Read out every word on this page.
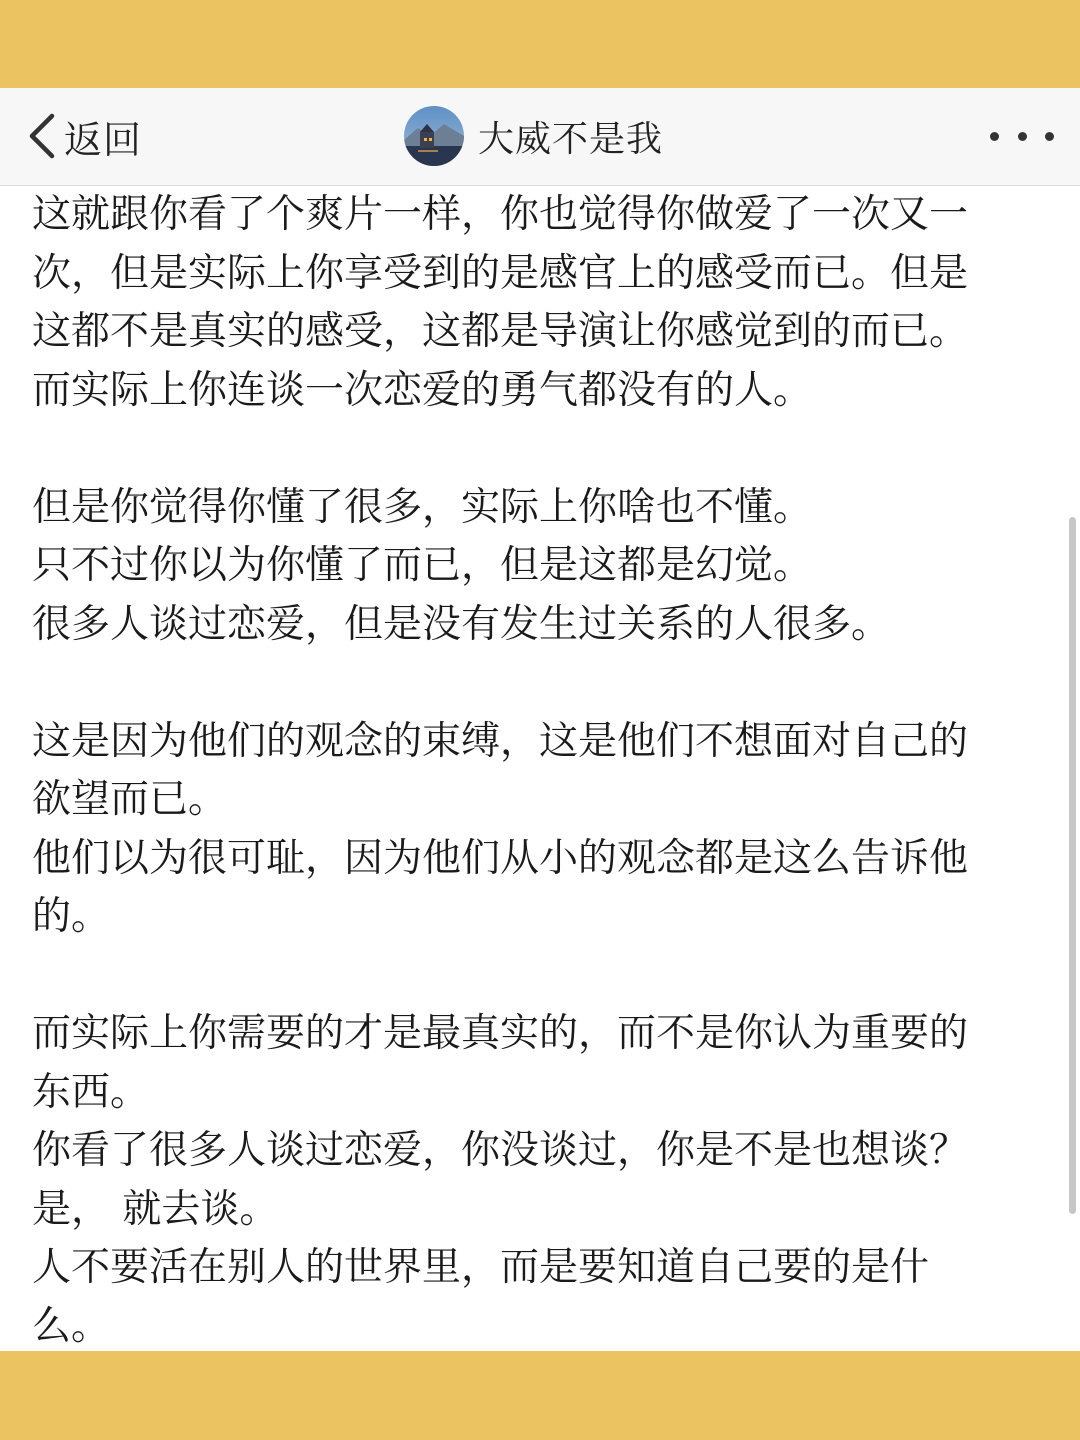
返回	大威不是我
这就跟你看了个爽片一样，你也觉得你做爱了一次又一
次，但是实际上你享受到的是感官上的感受而已。但是
这都不是真实的感受，这都是导演让你感觉到的而已。
而实际上你连谈一次恋爱的勇气都没有的人。
但是你觉得你懂了很多，实际上你啥也不懂。
只不过你以为你懂了而已，但是这都是幻觉。
很多人谈过恋爱，但是没有发生过关系的人很多。
这是因为他们的观念的束缚，这是他们不想面对自己的
欲望而已。
他们以为很可耻，因为他们从小的观念都是这么告诉他
的。
而实际上你需要的才是最真实的，而不是你认为重要的
东西。
你看了很多人谈过恋爱，你没谈过，你是不是也想谈？
是， 就去谈。
人不要活在别人的世界里，而是要知道自己要的是什
么。
